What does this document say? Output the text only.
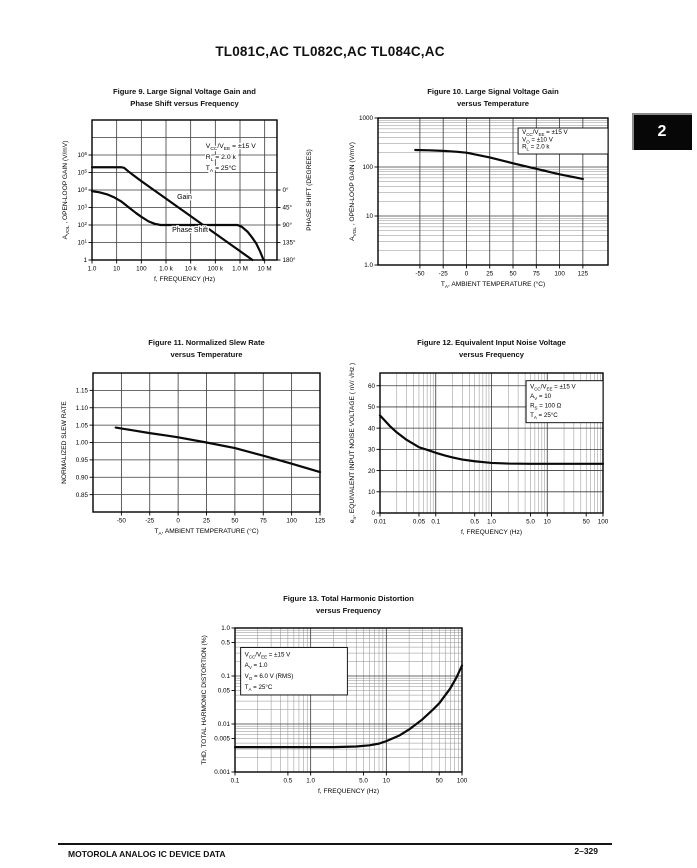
TL081C,AC TL082C,AC TL084C,AC
2
Figure 9. Large Signal Voltage Gain and
Phase Shift versus Frequency
$V_{CC}/V_{EE} = \pm 15$ V
$R_L = 2.0$ k
$T_A = 25^\circ C$
Gain
Phase Shift
1.0	10	100 1.0 k 10 k 100 k 1.0 M 10 M
1
$10^1$
$10^2$
$10^3$
$10^4$
$10^5$
$10^6$
0°
45°
90°
135°
180°
f, FREQUENCY (Hz)
$A_{VOL}$ , OPEN-LOOP GAIN (V/mV)	PHASE SHIFT (DEGREES)
Figure 10. Large Signal Voltage Gain
versus Temperature
$V_{CC}/V_{EE} = \pm 15$ V
$V_O = \pm 10$ V
$R_L = 2.0$ k
-50 -25	0	25	50	75 100 125
1.0
10
100
1000
$T_A$, AMBIENT TEMPERATURE (°C)
$A_{VOL}$ , OPEN-LOOP GAIN (V/mV)
Figure 11. Normalized Slew Rate
versus Temperature
-50	-25	0	25	50	75	100	125
0.85
0.90
0.95
1.00
1.05
1.10
1.15
$T_A$, AMBIENT TEMPERATURE (°C)
NORMALIZED SLEW RATE
Figure 12. Equivalent Input Noise Voltage
versus Frequency
$V_{CC}/V_{EE} = \pm 15$ V
$A_V = 10$
$R_S = 100$ Ω
$T_A = 25^\circ C$
0.01	0.05 0.1	0.5 1.0	5.0 10	50 100
0
10
20
30
40
50
60
f, FREQUENCY (Hz)
$e_n$, EQUIVALENT INPUT NOISE VOLTAGE ( nV/ √Hz )
Figure 13. Total Harmonic Distortion
versus Frequency
$V_{CC}/V_{EE} = \pm 15$ V
$A_V = 1.0$
$V_O = 6.0$ V (RMS)
$T_A = 25^\circ C$
0.1	0.5 1.0	5.0 10	50 100
0.001
0.005
0.01
0.05
0.1
0.5
1.0
f, FREQUENCY (Hz)
THD, TOTAL HARMONIC DISTORTION (%)
MOTOROLA ANALOG IC DEVICE DATA	2–329
